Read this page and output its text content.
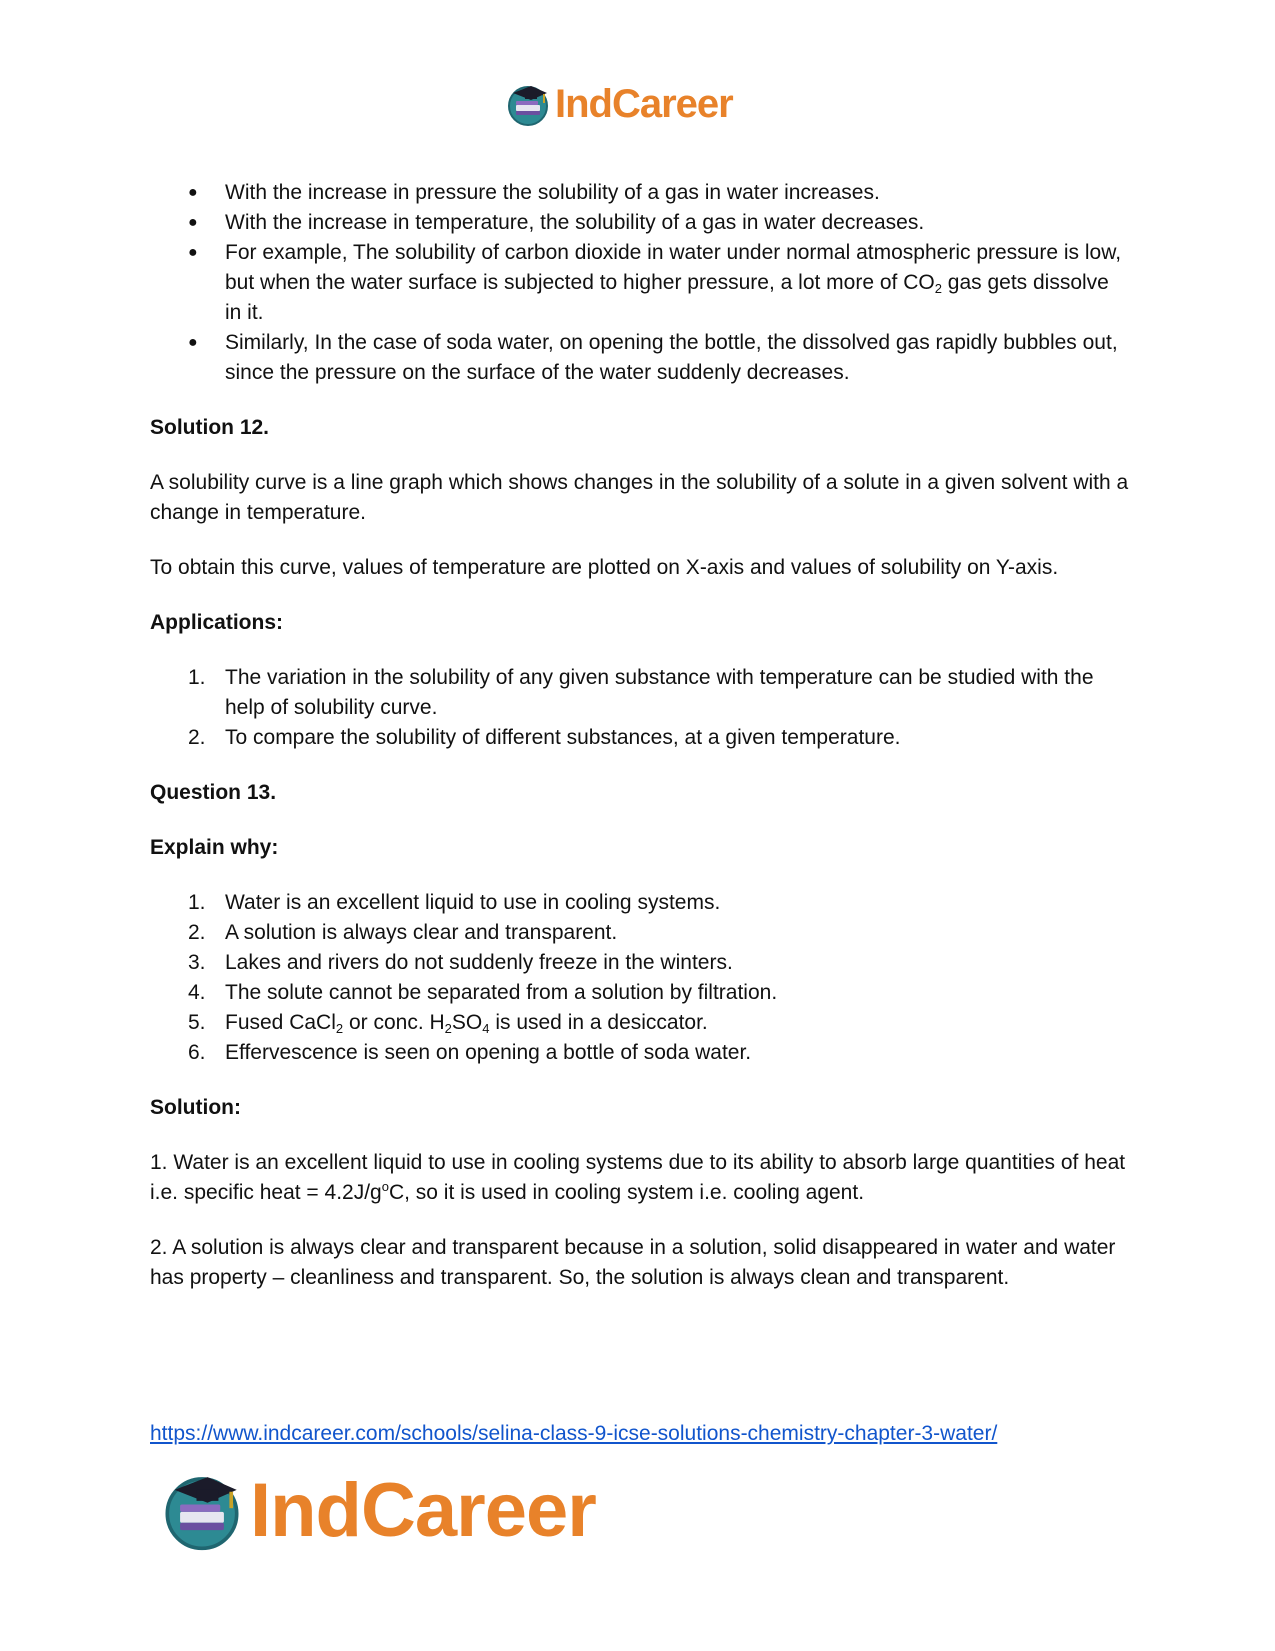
IndCareer
● With the increase in pressure the solubility of a gas in water increases.
● With the increase in temperature, the solubility of a gas in water decreases.
● For example, The solubility of carbon dioxide in water under normal atmospheric pressure is low, but when the water surface is subjected to higher pressure, a lot more of $CO_2$ gas gets dissolve in it.
● Similarly, In the case of soda water, on opening the bottle, the dissolved gas rapidly bubbles out, since the pressure on the surface of the water suddenly decreases.

Solution 12.

A solubility curve is a line graph which shows changes in the solubility of a solute in a given solvent with a change in temperature.

To obtain this curve, values of temperature are plotted on X-axis and values of solubility on Y-axis.

Applications:

1. The variation in the solubility of any given substance with temperature can be studied with the help of solubility curve.
2. To compare the solubility of different substances, at a given temperature.

Question 13.

Explain why:

1. Water is an excellent liquid to use in cooling systems.
2. A solution is always clear and transparent.
3. Lakes and rivers do not suddenly freeze in the winters.
4. The solute cannot be separated from a solution by filtration.
5. Fused CaCl$_2$ or conc. $H_2SO_4$ is used in a desiccator.
6. Effervescence is seen on opening a bottle of soda water.

Solution:

1. Water is an excellent liquid to use in cooling systems due to its ability to absorb large quantities of heat i.e. specific heat = $4.2J/g^oC$, so it is used in cooling system i.e. cooling agent.

2. A solution is always clear and transparent because in a solution, solid disappeared in water and water has property – cleanliness and transparent. So, the solution is always clean and transparent.

https://www.indcareer.com/schools/selina-class-9-icse-solutions-chemistry-chapter-3-water/
IndCareer
